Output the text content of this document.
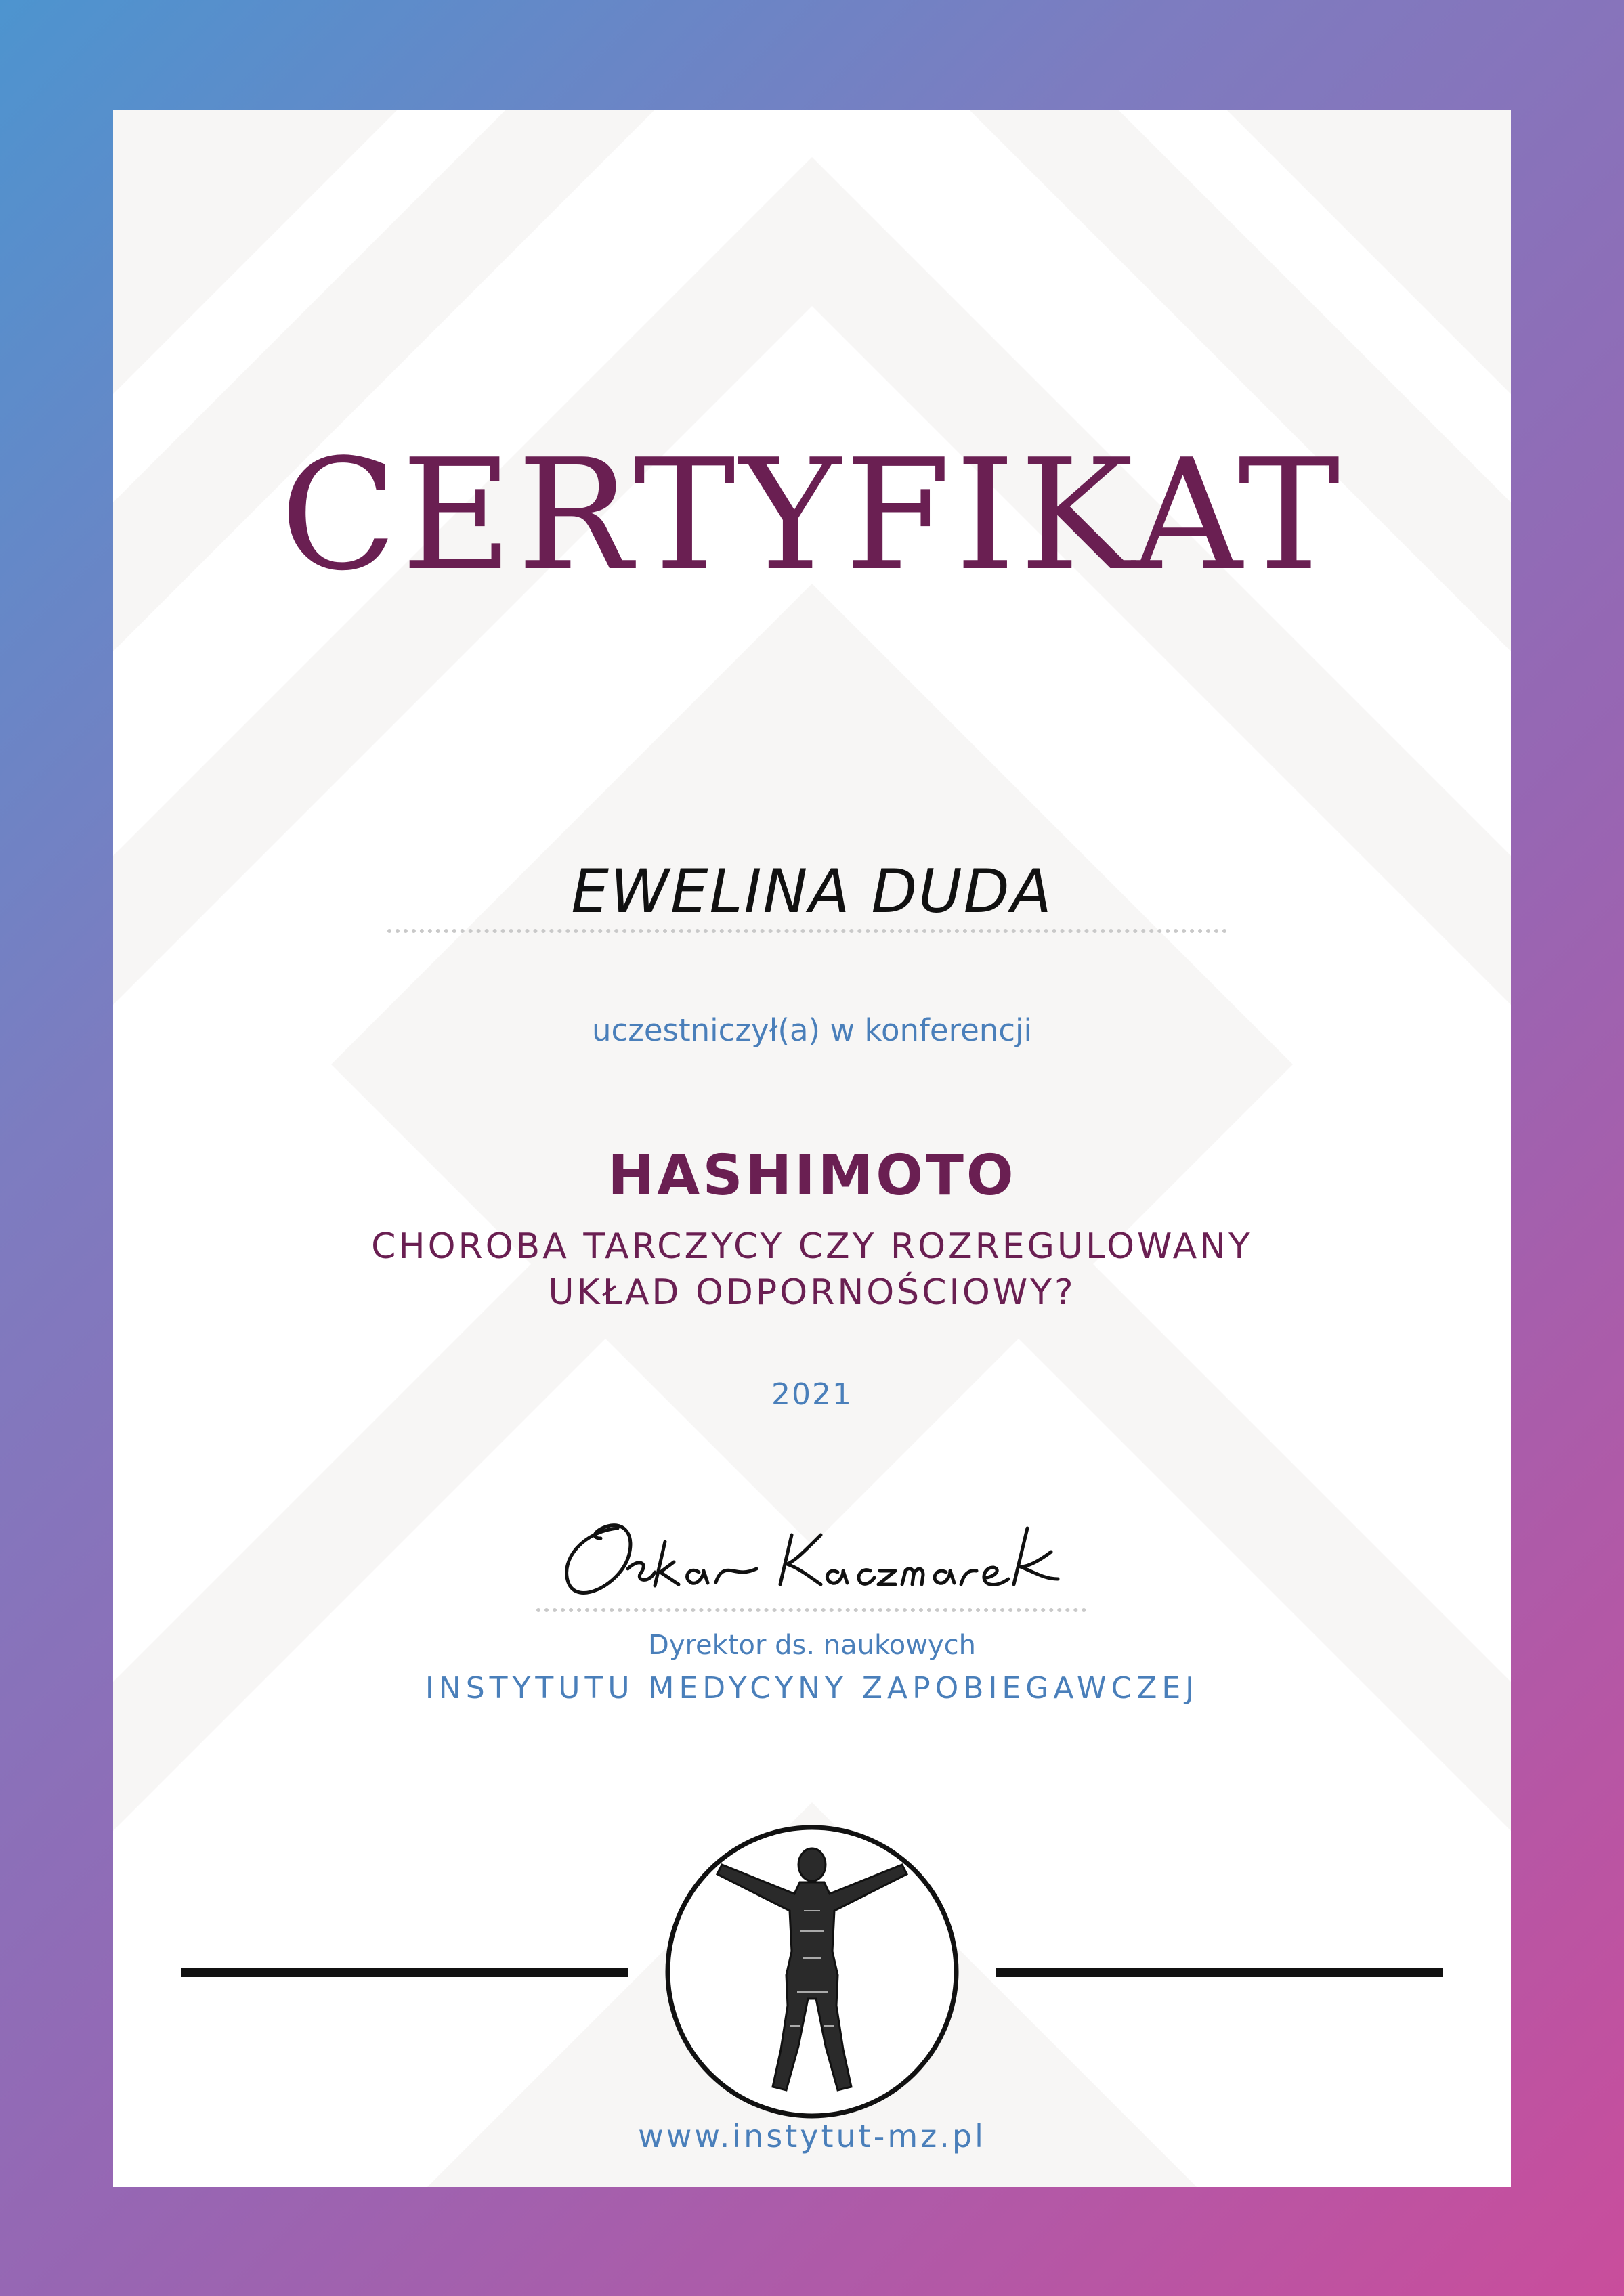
CERTYFIKAT
EWELINA DUDA
uczestniczył(a) w konferencji
HASHIMOTO
CHOROBA TARCZYCY CZY ROZREGULOWANY
UKŁAD ODPORNOŚCIOWY?
2021
Dyrektor ds. naukowych
INSTYTUTU MEDYCYNY ZAPOBIEGAWCZEJ
www.instytut-mz.pl
